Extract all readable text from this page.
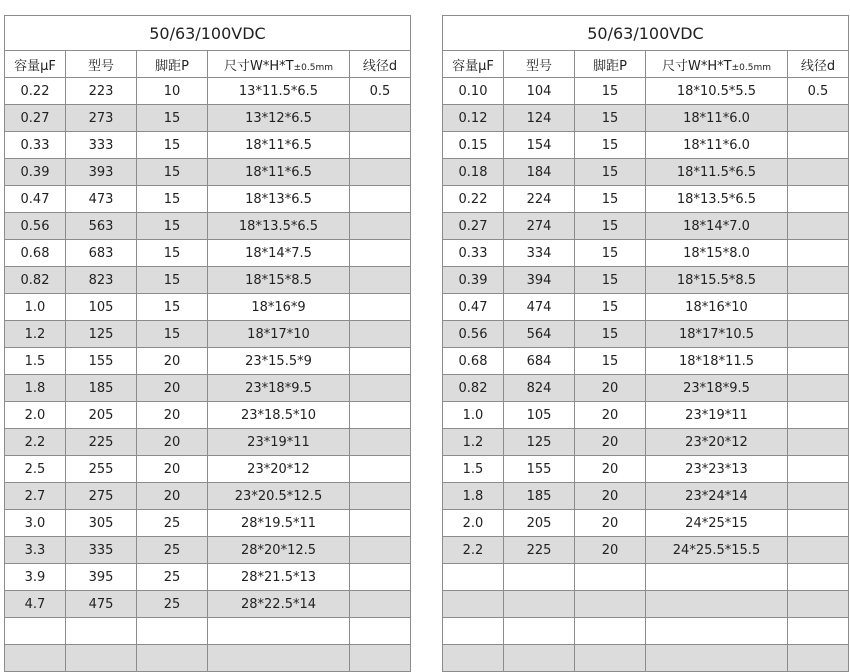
50/63/100VDC				
容量μF	型号	脚距P	尺寸W*H*T±0.5mm	线径d
0.22	223	10	13*11.5*6.5	0.5
0.27	273	15	13*12*6.5	
0.33	333	15	18*11*6.5	
0.39	393	15	18*11*6.5	
0.47	473	15	18*13*6.5	
0.56	563	15	18*13.5*6.5	
0.68	683	15	18*14*7.5	
0.82	823	15	18*15*8.5	
1.0	105	15	18*16*9	
1.2	125	15	18*17*10	
1.5	155	20	23*15.5*9	
1.8	185	20	23*18*9.5	
2.0	205	20	23*18.5*10	
2.2	225	20	23*19*11	
2.5	255	20	23*20*12	
2.7	275	20	23*20.5*12.5	
3.0	305	25	28*19.5*11	
3.3	335	25	28*20*12.5	
3.9	395	25	28*21.5*13	
4.7	475	25	28*22.5*14	

50/63/100VDC				
容量μF	型号	脚距P	尺寸W*H*T±0.5mm	线径d
0.10	104	15	18*10.5*5.5	0.5
0.12	124	15	18*11*6.0	
0.15	154	15	18*11*6.0	
0.18	184	15	18*11.5*6.5	
0.22	224	15	18*13.5*6.5	
0.27	274	15	18*14*7.0	
0.33	334	15	18*15*8.0	
0.39	394	15	18*15.5*8.5	
0.47	474	15	18*16*10	
0.56	564	15	18*17*10.5	
0.68	684	15	18*18*11.5	
0.82	824	20	23*18*9.5	
1.0	105	20	23*19*11	
1.2	125	20	23*20*12	
1.5	155	20	23*23*13	
1.8	185	20	23*24*14	
2.0	205	20	24*25*15	
2.2	225	20	24*25.5*15.5	
